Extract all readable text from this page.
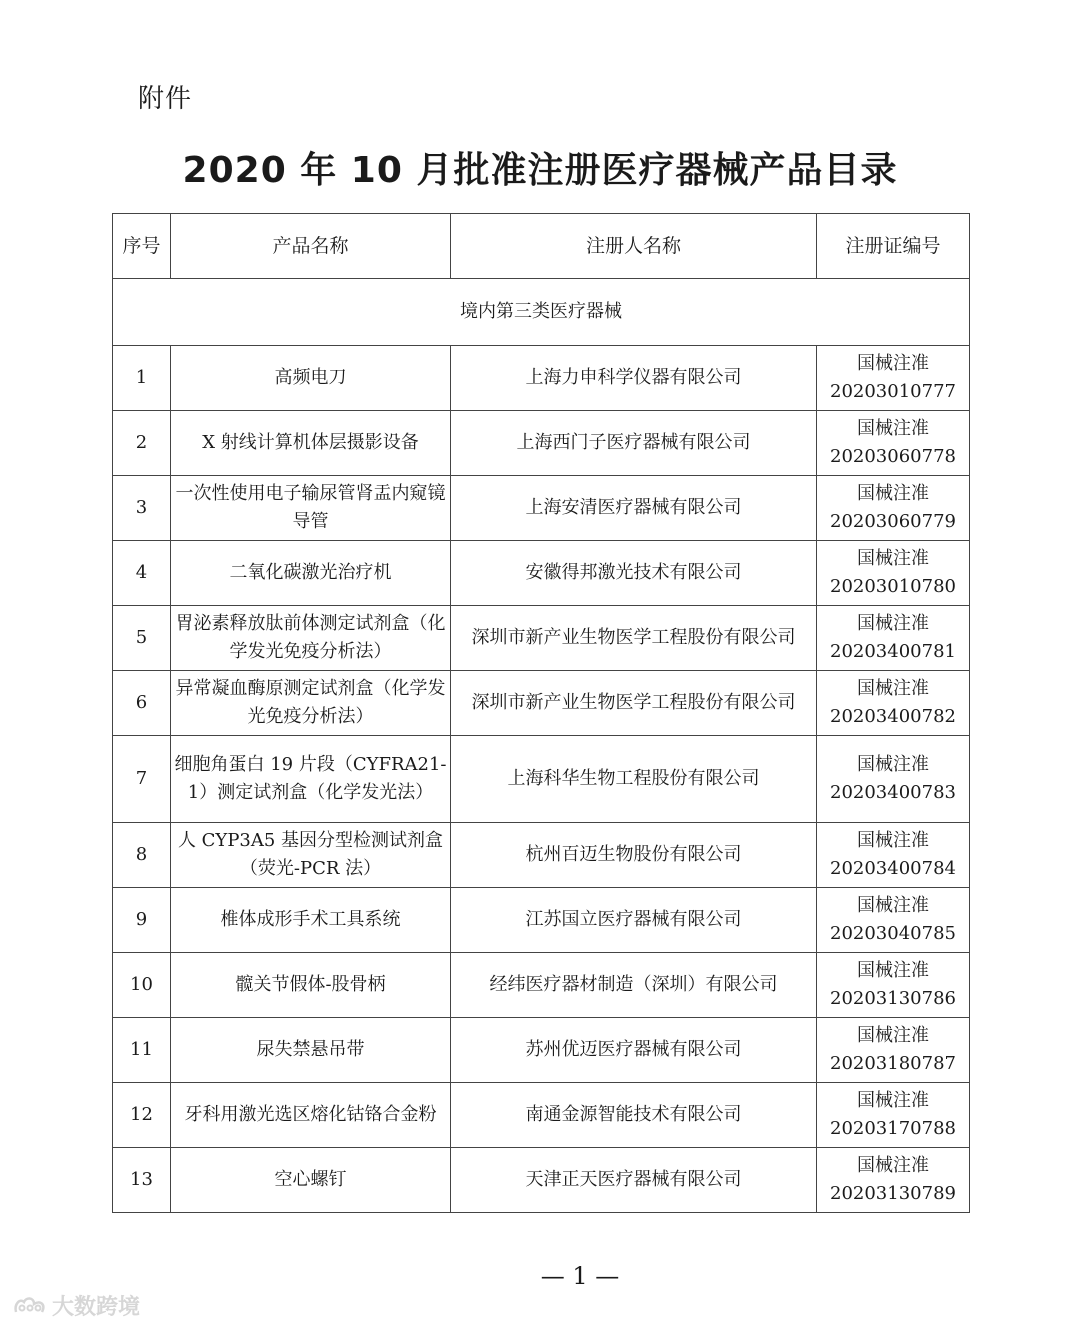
附件
2020 年 10 月批准注册医疗器械产品目录
序号	产品名称	注册人名称	注册证编号
境内第三类医疗器械			
1	高频电刀	上海力申科学仪器有限公司	国械注准
20203010777

2	X 射线计算机体层摄影设备	上海西门子医疗器械有限公司	国械注准
20203060778

3	一次性使用电子输尿管肾盂内窥镜导管	上海安清医疗器械有限公司	国械注准
20203060779

4	二氧化碳激光治疗机	安徽得邦激光技术有限公司	国械注准
20203010780

5	胃泌素释放肽前体测定试剂盒（化学发光免疫分析法）	深圳市新产业生物医学工程股份有限公司	国械注准
20203400781

6	异常凝血酶原测定试剂盒（化学发光免疫分析法）	深圳市新产业生物医学工程股份有限公司	国械注准
20203400782

7	细胞角蛋白 19 片段（CYFRA21-1）测定试剂盒（化学发光法）	上海科华生物工程股份有限公司	国械注准
20203400783

8	人 CYP3A5 基因分型检测试剂盒（荧光-PCR 法）	杭州百迈生物股份有限公司	国械注准
20203400784

9	椎体成形手术工具系统	江苏国立医疗器械有限公司	国械注准
20203040785

10	髋关节假体-股骨柄	经纬医疗器材制造（深圳）有限公司	国械注准
20203130786

11	尿失禁悬吊带	苏州优迈医疗器械有限公司	国械注准
20203180787

12	牙科用激光选区熔化钴铬合金粉	南通金源智能技术有限公司	国械注准
20203170788

13	空心螺钉	天津正天医疗器械有限公司	国械注准
20203130789
— 1 —
大数跨境
